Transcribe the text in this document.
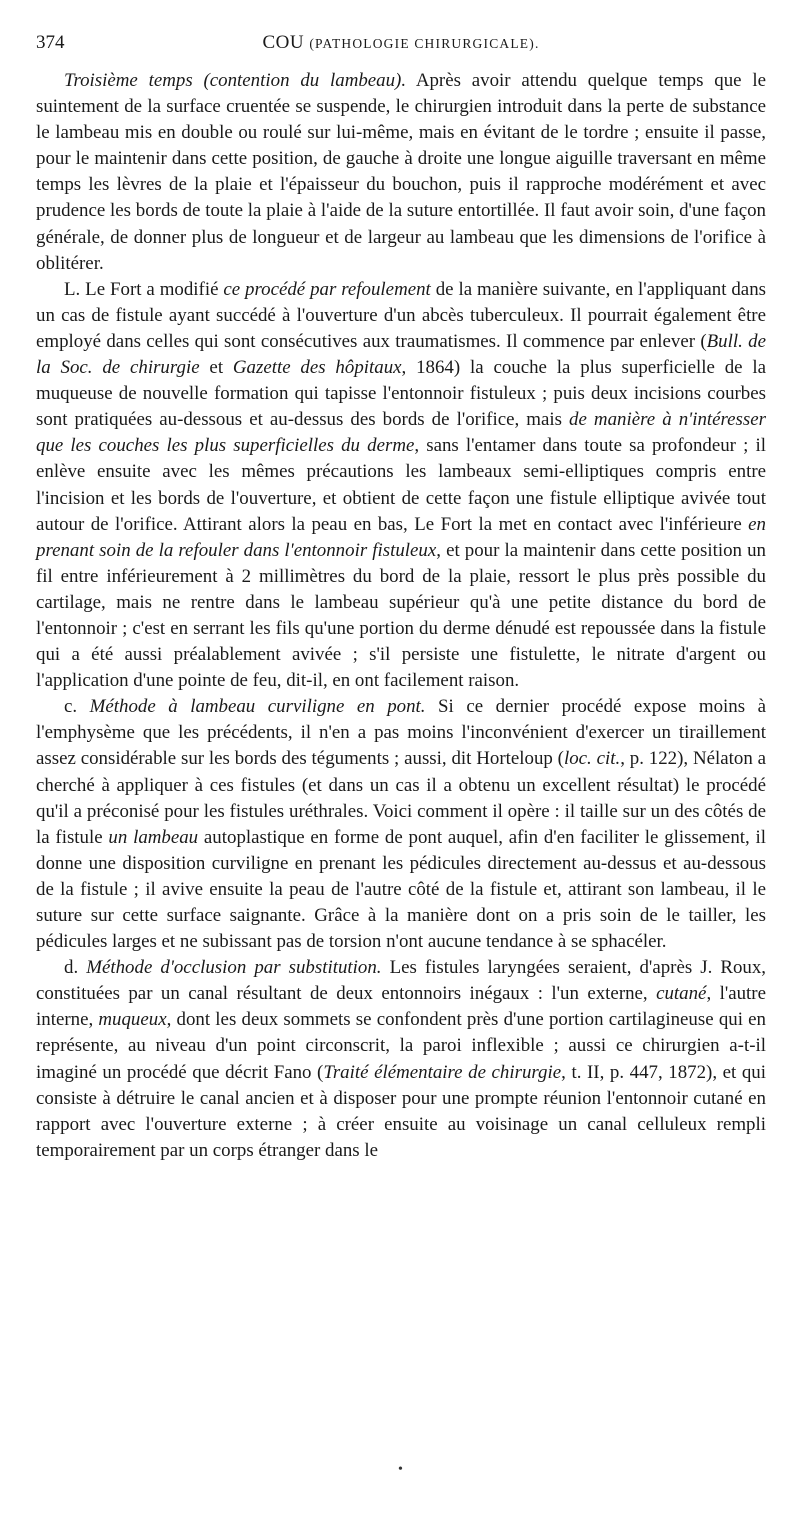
374	COU (PATHOLOGIE CHIRURGICALE).

Troisième temps (contention du lambeau). Après avoir attendu quelque temps que le suintement de la surface cruentée se suspende, le chirurgien introduit dans la perte de substance le lambeau mis en double ou roulé sur lui-même, mais en évitant de le tordre ; ensuite il passe, pour le maintenir dans cette position, de gauche à droite une longue aiguille traversant en même temps les lèvres de la plaie et l'épaisseur du bouchon, puis il rapproche modérément et avec prudence les bords de toute la plaie à l'aide de la suture entortillée. Il faut avoir soin, d'une façon générale, de donner plus de longueur et de largeur au lambeau que les dimensions de l'orifice à oblitérer.

L. Le Fort a modifié ce procédé par refoulement de la manière suivante, en l'appliquant dans un cas de fistule ayant succédé à l'ouverture d'un abcès tuberculeux. Il pourrait également être employé dans celles qui sont consécutives aux traumatismes. Il commence par enlever (Bull. de la Soc. de chirurgie et Gazette des hôpitaux, 1864) la couche la plus superficielle de la muqueuse de nouvelle formation qui tapisse l'entonnoir fistuleux ; puis deux incisions courbes sont pratiquées au-dessous et au-dessus des bords de l'orifice, mais de manière à n'intéresser que les couches les plus superficielles du derme, sans l'entamer dans toute sa profondeur ; il enlève ensuite avec les mêmes précautions les lambeaux semi-elliptiques compris entre l'incision et les bords de l'ouverture, et obtient de cette façon une fistule elliptique avivée tout autour de l'orifice. Attirant alors la peau en bas, Le Fort la met en contact avec l'inférieure en prenant soin de la refouler dans l'entonnoir fistuleux, et pour la maintenir dans cette position un fil entre inférieurement à 2 millimètres du bord de la plaie, ressort le plus près possible du cartilage, mais ne rentre dans le lambeau supérieur qu'à une petite distance du bord de l'entonnoir ; c'est en serrant les fils qu'une portion du derme dénudé est repoussée dans la fistule qui a été aussi préalablement avivée ; s'il persiste une fistulette, le nitrate d'argent ou l'application d'une pointe de feu, dit-il, en ont facilement raison.

c. Méthode à lambeau curviligne en pont. Si ce dernier procédé expose moins à l'emphysème que les précédents, il n'en a pas moins l'inconvénient d'exercer un tiraillement assez considérable sur les bords des téguments ; aussi, dit Horteloup (loc. cit., p. 122), Nélaton a cherché à appliquer à ces fistules (et dans un cas il a obtenu un excellent résultat) le procédé qu'il a préconisé pour les fistules uréthrales. Voici comment il opère : il taille sur un des côtés de la fistule un lambeau autoplastique en forme de pont auquel, afin d'en faciliter le glissement, il donne une disposition curviligne en prenant les pédicules directement au-dessus et au-dessous de la fistule ; il avive ensuite la peau de l'autre côté de la fistule et, attirant son lambeau, il le suture sur cette surface saignante. Grâce à la manière dont on a pris soin de le tailler, les pédicules larges et ne subissant pas de torsion n'ont aucune tendance à se sphacéler.

d. Méthode d'occlusion par substitution. Les fistules laryngées seraient, d'après J. Roux, constituées par un canal résultant de deux entonnoirs inégaux : l'un externe, cutané, l'autre interne, muqueux, dont les deux sommets se confondent près d'une portion cartilagineuse qui en représente, au niveau d'un point circonscrit, la paroi inflexible ; aussi ce chirurgien a-t-il imaginé un procédé que décrit Fano (Traité élémentaire de chirurgie, t. II, p. 447, 1872), et qui consiste à détruire le canal ancien et à disposer pour une prompte réunion l'entonnoir cutané en rapport avec l'ouverture externe ; à créer ensuite au voisinage un canal celluleux rempli temporairement par un corps étranger dans le

•
